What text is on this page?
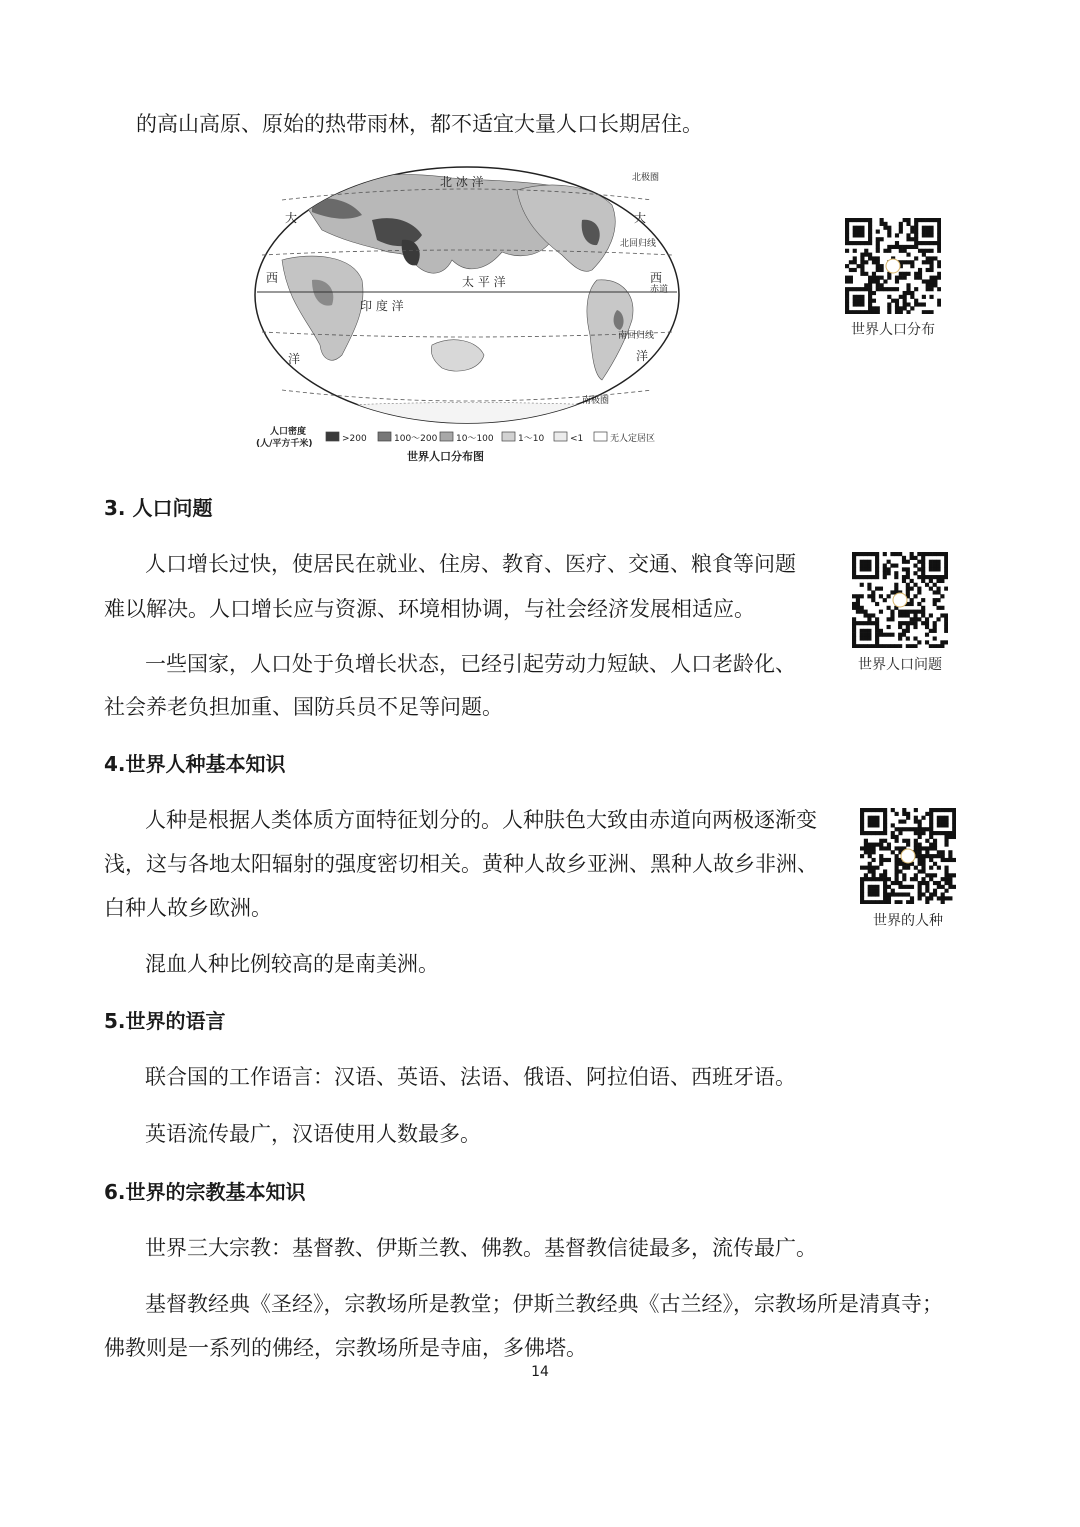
的高山高原、原始的热带雨林，都不适宜大量人口长期居住。

北 冰 洋
大
西
洋
大
西
洋
太 平 洋
印 度 洋
北极圈
北回归线
赤道
南回归线
南极圈
人口密度
(人/平方千米)	>200	100～200 10～100	1～10	<1	无人定居区
世界人口分布图
世界人口分布
3. 人口问题

人口增长过快，使居民在就业、住房、教育、医疗、交通、粮食等问题

难以解决。人口增长应与资源、环境相协调，与社会经济发展相适应。

一些国家，人口处于负增长状态，已经引起劳动力短缺、人口老龄化、

社会养老负担加重、国防兵员不足等问题。

世界人口问题
4.世界人种基本知识

人种是根据人类体质方面特征划分的。人种肤色大致由赤道向两极逐渐变

浅，这与各地太阳辐射的强度密切相关。黄种人故乡亚洲、黑种人故乡非洲、

白种人故乡欧洲。

混血人种比例较高的是南美洲。

世界的人种
5.世界的语言

联合国的工作语言：汉语、英语、法语、俄语、阿拉伯语、西班牙语。

英语流传最广，汉语使用人数最多。

6.世界的宗教基本知识

世界三大宗教：基督教、伊斯兰教、佛教。基督教信徒最多，流传最广。

基督教经典《圣经》，宗教场所是教堂；伊斯兰教经典《古兰经》，宗教场所是清真寺；

佛教则是一系列的佛经，宗教场所是寺庙，多佛塔。

14
